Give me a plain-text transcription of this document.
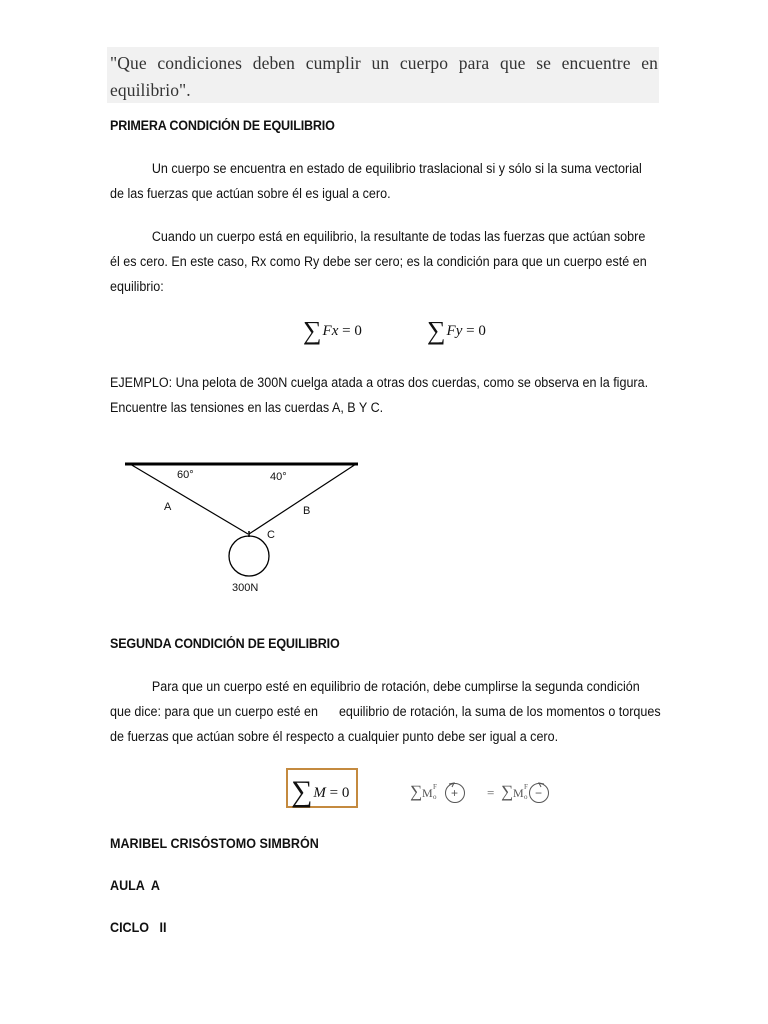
"Que condiciones deben cumplir un cuerpo para que se encuentre en equilibrio".
PRIMERA CONDICIÓN DE EQUILIBRIO
Un cuerpo se encuentra en estado de equilibrio traslacional si y sólo si la suma vectorial
de las fuerzas que actúan sobre él es igual a cero.
Cuando un cuerpo está en equilibrio, la resultante de todas las fuerzas que actúan sobre
él es cero. En este caso, Rx como Ry debe ser cero; es la condición para que un cuerpo esté en
equilibrio:
∑Fx = 0	∑Fy = 0
EJEMPLO: Una pelota de 300N cuelga atada a otras dos cuerdas, como se observa en la figura.
Encuentre las tensiones en las cuerdas A, B Y C.
60°	40°
A	B
C
300N
SEGUNDA CONDICIÓN DE EQUILIBRIO
Para que un cuerpo esté en equilibrio de rotación, debe cumplirse la segunda condición
que dice: para que un cuerpo esté en      equilibrio de rotación, la suma de los momentos o torques
de fuerzas que actúan sobre él respecto a cualquier punto debe ser igual a cero.
∑M = 0	∑ M F
o	= ∑ M F
o
+	−
MARIBEL CRISÓSTOMO SIMBRÓN
AULA  A
CICLO   II
